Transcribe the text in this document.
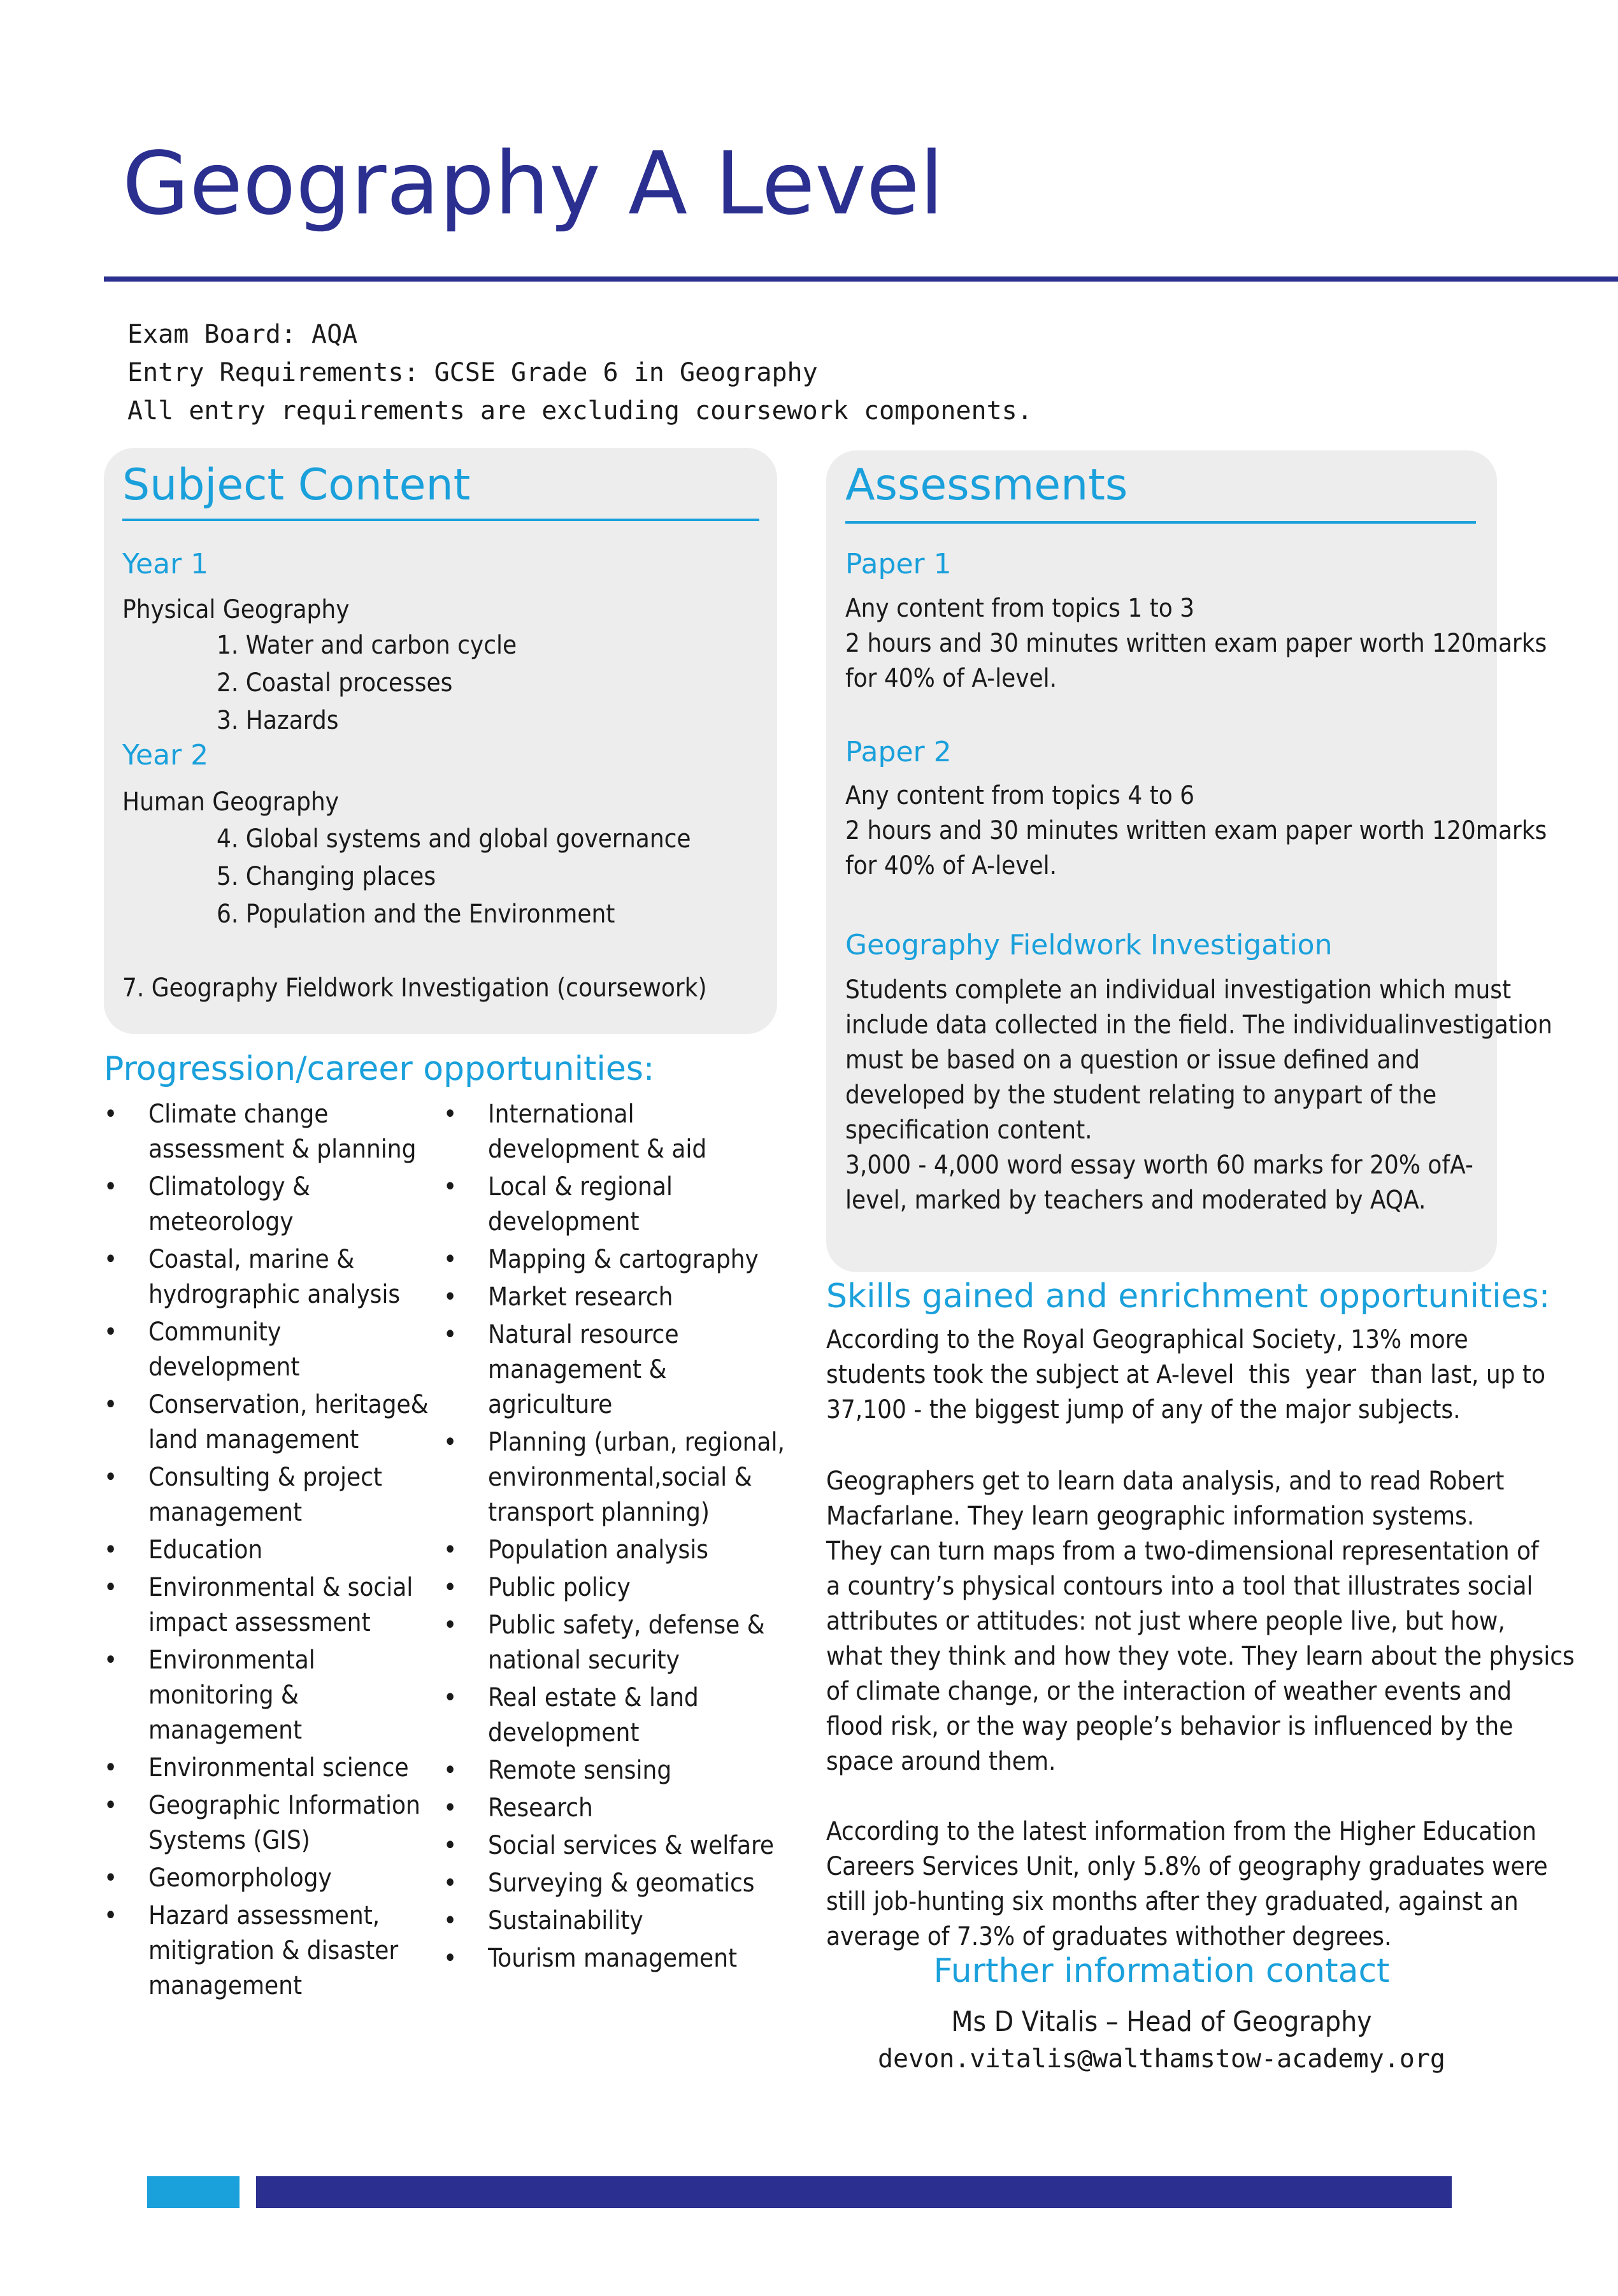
Geography A Level
Exam Board: AQA
Entry Requirements: GCSE Grade 6 in Geography
All entry requirements are excluding coursework components.
Subject Content
Year 1
Physical Geography
1. Water and carbon cycle
2. Coastal processes
3. Hazards
Year 2
Human Geography
4. Global systems and global governance
5. Changing places
6. Population and the Environment
7. Geography Fieldwork Investigation (coursework)
Assessments
Paper 1
Any content from topics 1 to 3
2 hours and 30 minutes written exam paper worth 120marks
for 40% of A-level.
Paper 2
Any content from topics 4 to 6
2 hours and 30 minutes written exam paper worth 120marks
for 40% of A-level.
Geography Fieldwork Investigation
Students complete an individual investigation which must
include data collected in the field. The individualinvestigation
must be based on a question or issue defined and
developed by the student relating to anypart of the
specification content.
3,000 - 4,000 word essay worth 60 marks for 20% ofA-
level, marked by teachers and moderated by AQA.
Progression/career opportunities:
• Climate change
assessment & planning
• Climatology &
meteorology
• Coastal, marine &
hydrographic analysis
• Community
development
• Conservation, heritage&
land management
• Consulting & project
management
• Education
• Environmental & social
impact assessment
• Environmental
monitoring &
management
• Environmental science
• Geographic Information
Systems (GIS)
• Geomorphology
• Hazard assessment,
mitigration & disaster
management
• International
development & aid
• Local & regional
development
• Mapping & cartography
• Market research
• Natural resource
management &
agriculture
• Planning (urban, regional,
environmental,social &
transport planning)
• Population analysis
• Public policy
• Public safety, defense &
national security
• Real estate & land
development
• Remote sensing
• Research
• Social services & welfare
• Surveying & geomatics
• Sustainability
• Tourism management
Skills gained and enrichment opportunities:
According to the Royal Geographical Society, 13% more
students took the subject at A-level  this  year  than last, up to
37,100 - the biggest jump of any of the major subjects.
Geographers get to learn data analysis, and to read Robert
Macfarlane. They learn geographic information systems.
They can turn maps from a two-dimensional representation of
a country’s physical contours into a tool that illustrates social
attributes or attitudes: not just where people live, but how,
what they think and how they vote. They learn about the physics
of climate change, or the interaction of weather events and
flood risk, or the way people’s behavior is influenced by the
space around them.
According to the latest information from the Higher Education
Careers Services Unit, only 5.8% of geography graduates were
still job-hunting six months after they graduated, against an
average of 7.3% of graduates withother degrees.
Further information contact
Ms D Vitalis – Head of Geography
devon.vitalis@walthamstow-academy.org
